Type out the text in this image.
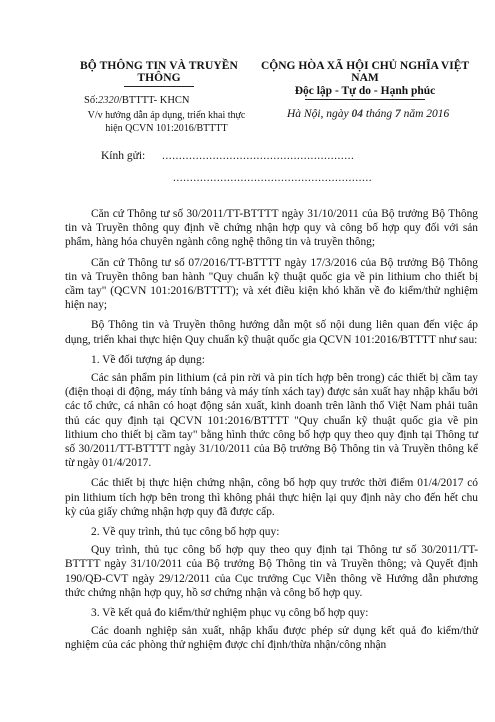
BỘ THÔNG TIN VÀ TRUYỀN THÔNG
CỘNG HÒA XÃ HỘI CHỦ NGHĨA VIỆT NAM
Độc lập - Tự do - Hạnh phúc
Số:2320/BTTTT- KHCN
V/v hướng dẫn áp dụng, triển khai thực
hiện QCVN 101:2016/BTTTT
Hà Nội, ngày 04 tháng 7 năm 2016
Kính gửi: .........................................................
...........................................................

Căn cứ Thông tư số 30/2011/TT-BTTTT ngày 31/10/2011 của Bộ trưởng Bộ Thông tin và Truyền thông quy định về chứng nhận hợp quy và công bố hợp quy đối với sản phẩm, hàng hóa chuyên ngành công nghệ thông tin và truyền thông;

Căn cứ Thông tư số 07/2016/TT-BTTTT ngày 17/3/2016 của Bộ trưởng Bộ Thông tin và Truyền thông ban hành "Quy chuẩn kỹ thuật quốc gia về pin lithium cho thiết bị cầm tay" (QCVN 101:2016/BTTTT); và xét điều kiện khó khăn về đo kiểm/thử nghiệm hiện nay;

Bộ Thông tin và Truyền thông hướng dẫn một số nội dung liên quan đến việc áp dụng, triển khai thực hiện Quy chuẩn kỹ thuật quốc gia QCVN 101:2016/BTTTT như sau:

1. Về đối tượng áp dụng:

Các sản phẩm pin lithium (cả pin rời và pin tích hợp bên trong) các thiết bị cầm tay (điện thoại di động, máy tính bảng và máy tính xách tay) được sản xuất hay nhập khẩu bởi các tổ chức, cá nhân có hoạt động sản xuất, kinh doanh trên lãnh thổ Việt Nam phải tuân thủ các quy định tại QCVN 101:2016/BTTTT "Quy chuẩn kỹ thuật quốc gia về pin lithium cho thiết bị cầm tay" bằng hình thức công bố hợp quy theo quy định tại Thông tư số 30/2011/TT-BTTTT ngày 31/10/2011 của Bộ trưởng Bộ Thông tin và Truyền thông kể từ ngày 01/4/2017.

Các thiết bị thực hiện chứng nhận, công bố hợp quy trước thời điểm 01/4/2017 có pin lithium tích hợp bên trong thì không phải thực hiện lại quy định này cho đến hết chu kỳ của giấy chứng nhận hợp quy đã được cấp.

2. Về quy trình, thủ tục công bố hợp quy:

Quy trình, thủ tục công bố hợp quy theo quy định tại Thông tư số 30/2011/TT-BTTTT ngày 31/10/2011 của Bộ trưởng Bộ Thông tin và Truyền thông; và Quyết định 190/QĐ-CVT ngày 29/12/2011 của Cục trưởng Cục Viễn thông về Hướng dẫn phương thức chứng nhận hợp quy, hồ sơ chứng nhận và công bố hợp quy.

3. Về kết quả đo kiểm/thử nghiệm phục vụ công bố hợp quy:

Các doanh nghiệp sản xuất, nhập khẩu được phép sử dụng kết quả đo kiểm/thử nghiệm của các phòng thử nghiệm được chỉ định/thừa nhận/công nhận
